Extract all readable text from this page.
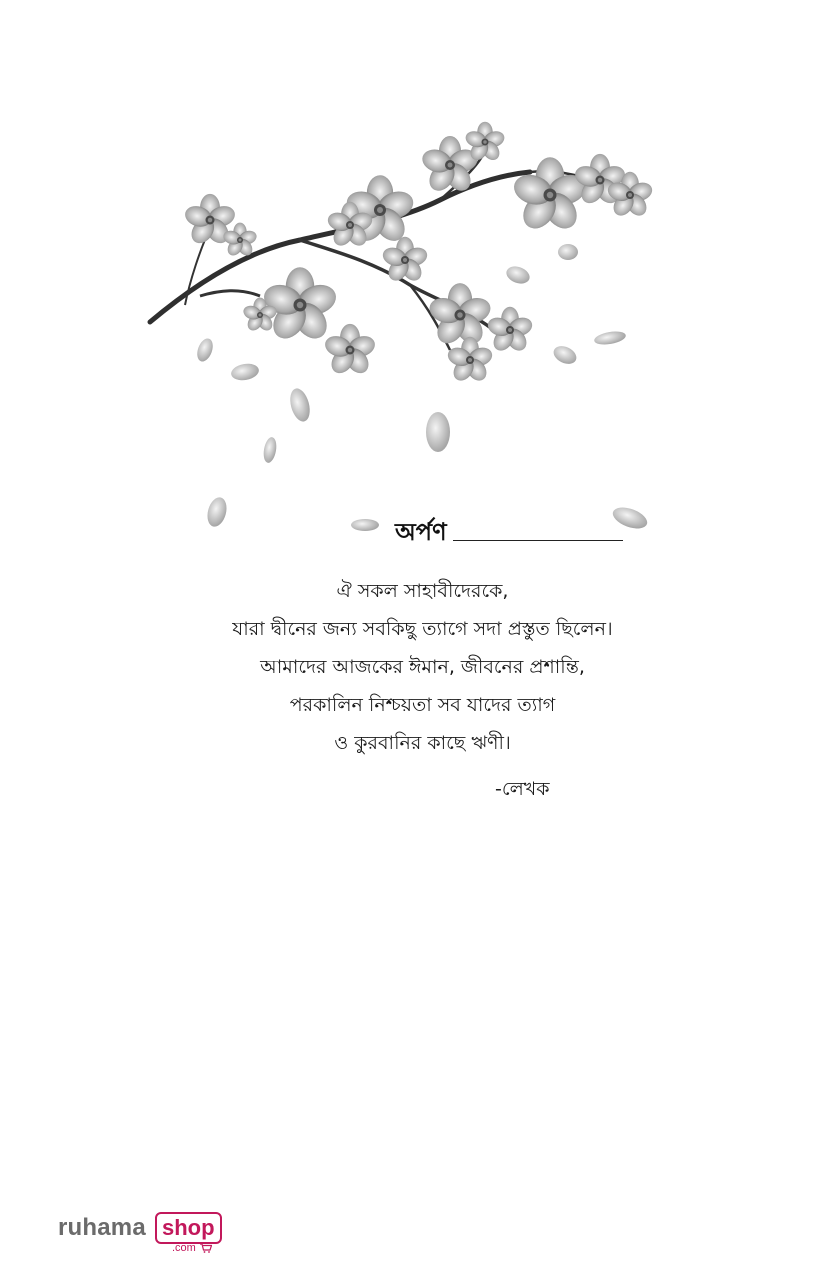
অর্পণ
ঐ সকল সাহাবীদেরকে,
যারা দ্বীনের জন্য সবকিছু ত্যাগে সদা প্রস্তুত ছিলেন।
আমাদের আজকের ঈমান, জীবনের প্রশান্তি,
পরকালিন নিশ্চয়তা সব যাদের ত্যাগ
ও কুরবানির কাছে ঋণী।
-লেখক
ruhama shop
.com
